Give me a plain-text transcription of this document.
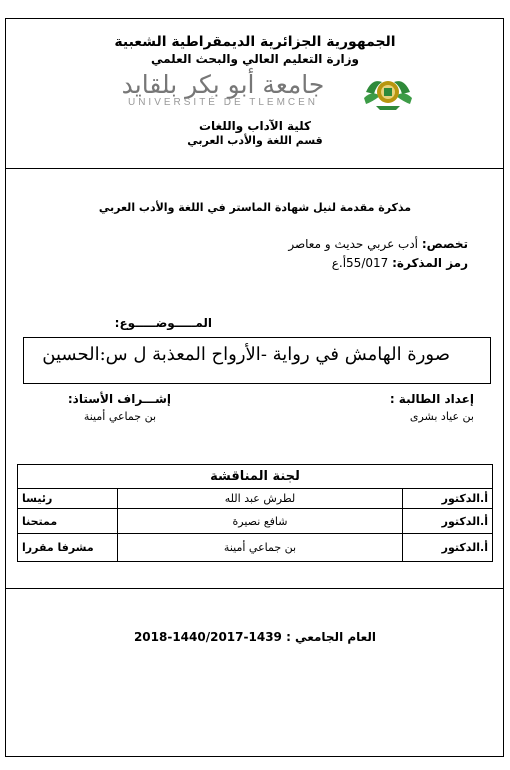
الجمهورية الجزائرية الديمقراطية الشعبية
وزارة التعليم العالي والبحث العلمي
جامعة أبو بكر بلقايد
UNIVERSITÉ DE TLEMCEN
كلية الآداب واللغات
قسم اللغة والأدب العربي
مذكرة مقدمة لنيل شهادة الماستر في اللغة والأدب العربي
تخصص: أدب عربي حديث و معاصر
رمز المذكرة: 55/017أ.ع
المـــــوضـــــوع:
صورة الهامش في رواية -الأرواح المعذبة ل س:الحسين
إعداد الطالبة :
بن عياد بشرى
إشـــراف الأستاذ:
بن جماعي أمينة
لجنة المناقشة		
أ.الدكتور	لطرش عبد الله	رئيسا
أ.الدكتور	شافع نصيرة	ممتحنا
أ.الدكتور	بن جماعي أمينة	مشرفا مقررا
العام الجامعي : 1439-1440/2017-2018
